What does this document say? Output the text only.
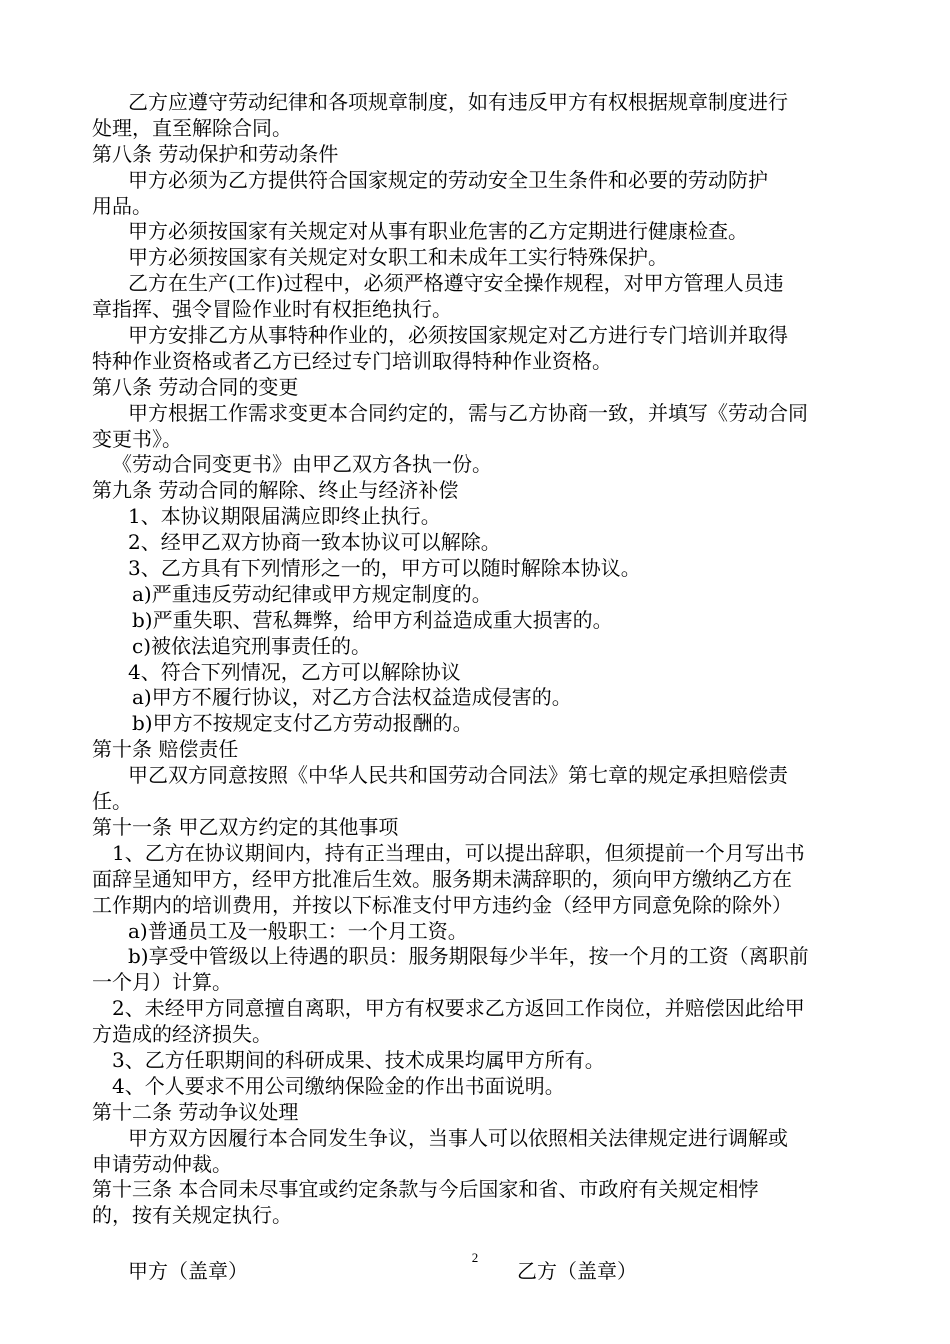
乙方应遵守劳动纪律和各项规章制度，如有违反甲方有权根据规章制度进行
处理，直至解除合同。
第八条 劳动保护和劳动条件
甲方必须为乙方提供符合国家规定的劳动安全卫生条件和必要的劳动防护
用品。
甲方必须按国家有关规定对从事有职业危害的乙方定期进行健康检查。
甲方必须按国家有关规定对女职工和未成年工实行特殊保护。
乙方在生产(工作)过程中，必须严格遵守安全操作规程，对甲方管理人员违
章指挥、强令冒险作业时有权拒绝执行。
甲方安排乙方从事特种作业的，必须按国家规定对乙方进行专门培训并取得
特种作业资格或者乙方已经过专门培训取得特种作业资格。
第八条 劳动合同的变更
甲方根据工作需求变更本合同约定的，需与乙方协商一致，并填写《劳动合同
变更书》。
《劳动合同变更书》由甲乙双方各执一份。
第九条 劳动合同的解除、终止与经济补偿
1、本协议期限届满应即终止执行。
2、经甲乙双方协商一致本协议可以解除。
3、乙方具有下列情形之一的，甲方可以随时解除本协议。
a)严重违反劳动纪律或甲方规定制度的。
b)严重失职、营私舞弊，给甲方利益造成重大损害的。
c)被依法追究刑事责任的。
4、符合下列情况，乙方可以解除协议
a)甲方不履行协议，对乙方合法权益造成侵害的。
b)甲方不按规定支付乙方劳动报酬的。
第十条 赔偿责任
甲乙双方同意按照《中华人民共和国劳动合同法》第七章的规定承担赔偿责
任。
第十一条 甲乙双方约定的其他事项
1、乙方在协议期间内，持有正当理由，可以提出辞职，但须提前一个月写出书
面辞呈通知甲方，经甲方批准后生效。服务期未满辞职的，须向甲方缴纳乙方在
工作期内的培训费用，并按以下标准支付甲方违约金（经甲方同意免除的除外）
a)普通员工及一般职工：一个月工资。
b)享受中管级以上待遇的职员：服务期限每少半年，按一个月的工资（离职前
一个月）计算。
2、未经甲方同意擅自离职，甲方有权要求乙方返回工作岗位，并赔偿因此给甲
方造成的经济损失。
3、乙方任职期间的科研成果、技术成果均属甲方所有。
4、个人要求不用公司缴纳保险金的作出书面说明。
第十二条 劳动争议处理
甲方双方因履行本合同发生争议，当事人可以依照相关法律规定进行调解或
申请劳动仲裁。
第十三条 本合同未尽事宜或约定条款与今后国家和省、市政府有关规定相悖
的，按有关规定执行。
甲方（盖章）	乙方（盖章）
2
